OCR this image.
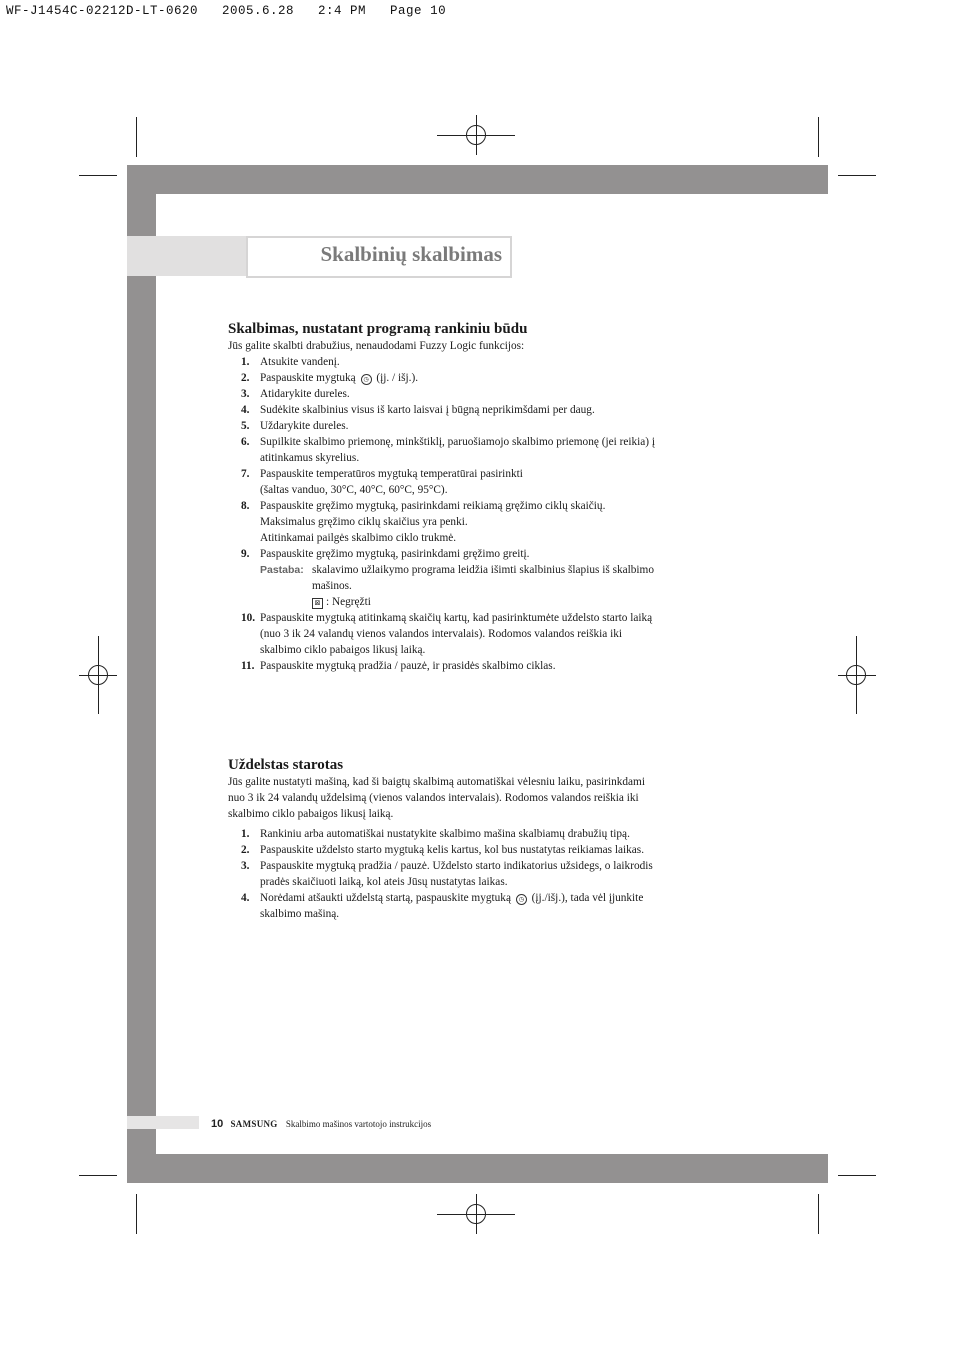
WF-J1454C-02212D-LT-0620   2005.6.28   2:4 PM   Page 10
Skalbinių skalbimas
Skalbimas, nustatant programą rankiniu būdu

Jūs galite skalbti drabužius, nenaudodami Fuzzy Logic funkcijos:

1. Atsukite vandenį.
2. Paspauskite mygtuką ◷ (įj. / išj.).
3. Atidarykite dureles.
4. Sudėkite skalbinius visus iš karto laisvai į būgną neprikimšdami per daug.
5. Uždarykite dureles.
6. Supilkite skalbimo priemonę, minkštiklį, paruošiamojo skalbimo priemonę (jei reikia) į
atitinkamus skyrelius.
7. Paspauskite temperatūros mygtuką temperatūrai pasirinkti
(šaltas vanduo, 30°C, 40°C, 60°C, 95°C).
8. Paspauskite gręžimo mygtuką, pasirinkdami reikiamą gręžimo ciklų skaičių.
Maksimalus gręžimo ciklų skaičius yra penki.
Atitinkamai pailgės skalbimo ciklo trukmė.
9. Paspauskite gręžimo mygtuką, pasirinkdami gręžimo greitį.
Pastaba: skalavimo užlaikymo programa leidžia išimti skalbinius šlapius iš skalbimo
mašinos.
⊠ : Negręžti
10. Paspauskite mygtuką atitinkamą skaičių kartų, kad pasirinktumėte uždelsto starto laiką
(nuo 3 ik 24 valandų vienos valandos intervalais). Rodomos valandos reiškia iki
skalbimo ciklo pabaigos likusį laiką.
11. Paspauskite mygtuką pradžia / pauzė, ir prasidės skalbimo ciklas.
Uždelstas starotas

Jūs galite nustatyti mašiną, kad ši baigtų skalbimą automatiškai vėlesniu laiku, pasirinkdami
nuo 3 ik 24 valandų uždelsimą (vienos valandos intervalais). Rodomos valandos reiškia iki
skalbimo ciklo pabaigos likusį laiką.

1. Rankiniu arba automatiškai nustatykite skalbimo mašina skalbiamų drabužių tipą.
2. Paspauskite uždelsto starto mygtuką kelis kartus, kol bus nustatytas reikiamas laikas.
3. Paspauskite mygtuką pradžia / pauzė. Uždelsto starto indikatorius užsidegs, o laikrodis
pradės skaičiuoti laiką, kol ateis Jūsų nustatytas laikas.
4. Norėdami atšaukti uždelstą startą, paspauskite mygtuką ◷ (įj./išj.), tada vėl įjunkite
skalbimo mašiną.
10 SAMSUNG Skalbimo mašinos vartotojo instrukcijos
